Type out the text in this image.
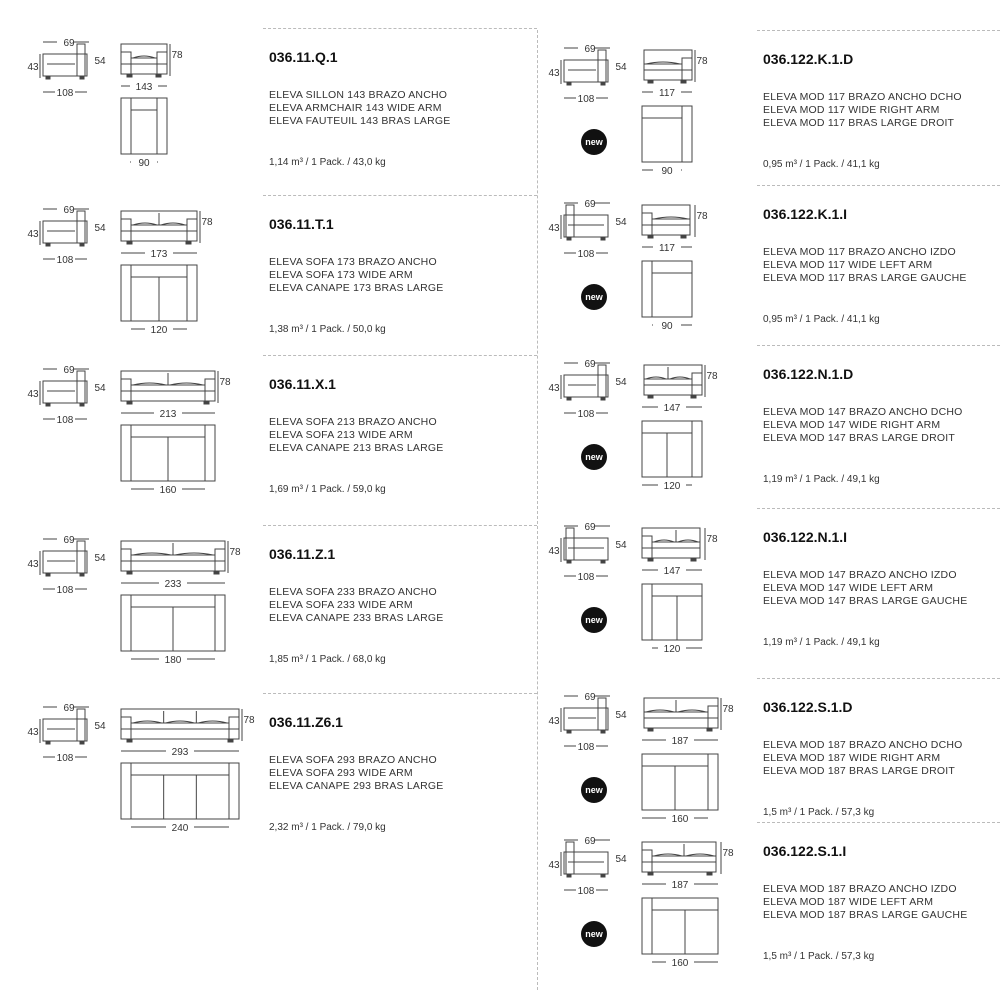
69
43
108
54
78
143
90
036.11.Q.1
ELEVA SILLON 143 BRAZO ANCHO
ELEVA ARMCHAIR 143 WIDE ARM
ELEVA FAUTEUIL 143 BRAS LARGE
1,14 m³ / 1 Pack. / 43,0 kg
69
43
108
54
78
173
120
036.11.T.1
ELEVA SOFA 173 BRAZO ANCHO
ELEVA SOFA 173 WIDE ARM
ELEVA CANAPE 173 BRAS LARGE
1,38 m³ / 1 Pack. / 50,0 kg
69
43
108
54
78
213
160
036.11.X.1
ELEVA SOFA 213 BRAZO ANCHO
ELEVA SOFA 213 WIDE ARM
ELEVA CANAPE 213 BRAS LARGE
1,69 m³ / 1 Pack. / 59,0 kg
69
43
108
54
78
233
180
036.11.Z.1
ELEVA SOFA 233 BRAZO ANCHO
ELEVA SOFA 233 WIDE ARM
ELEVA CANAPE 233 BRAS LARGE
1,85 m³ / 1 Pack. / 68,0 kg
69
43
108
54
78
293
240
036.11.Z6.1
ELEVA SOFA 293 BRAZO ANCHO
ELEVA SOFA 293 WIDE ARM
ELEVA CANAPE 293 BRAS LARGE
2,32 m³ / 1 Pack. / 79,0 kg
69
43
108
54
78
117
90
new
036.122.K.1.D
ELEVA MOD 117 BRAZO ANCHO DCHO
ELEVA MOD 117 WIDE RIGHT ARM
ELEVA MOD 117 BRAS LARGE DROIT
0,95 m³ / 1 Pack. / 41,1 kg
69
43
108
54
78
117
90
new
036.122.K.1.I
ELEVA MOD 117 BRAZO ANCHO IZDO
ELEVA MOD 117 WIDE LEFT ARM
ELEVA MOD 117 BRAS LARGE GAUCHE
0,95 m³ / 1 Pack. / 41,1 kg
69
43
108
54
78
147
120
new
036.122.N.1.D
ELEVA MOD 147 BRAZO ANCHO DCHO
ELEVA MOD 147 WIDE RIGHT ARM
ELEVA MOD 147 BRAS LARGE DROIT
1,19 m³ / 1 Pack. / 49,1 kg
69
43
108
54
78
147
120
new
036.122.N.1.I
ELEVA MOD 147 BRAZO ANCHO IZDO
ELEVA MOD 147 WIDE LEFT ARM
ELEVA MOD 147 BRAS LARGE GAUCHE
1,19 m³ / 1 Pack. / 49,1 kg
69
43
108
54
78
187
160
new
036.122.S.1.D
ELEVA MOD 187 BRAZO ANCHO DCHO
ELEVA MOD 187 WIDE RIGHT ARM
ELEVA MOD 187 BRAS LARGE DROIT
1,5 m³ / 1 Pack. / 57,3 kg
69
43
108
54
78
187
160
new
036.122.S.1.I
ELEVA MOD 187 BRAZO ANCHO IZDO
ELEVA MOD 187 WIDE LEFT ARM
ELEVA MOD 187 BRAS LARGE GAUCHE
1,5 m³ / 1 Pack. / 57,3 kg
